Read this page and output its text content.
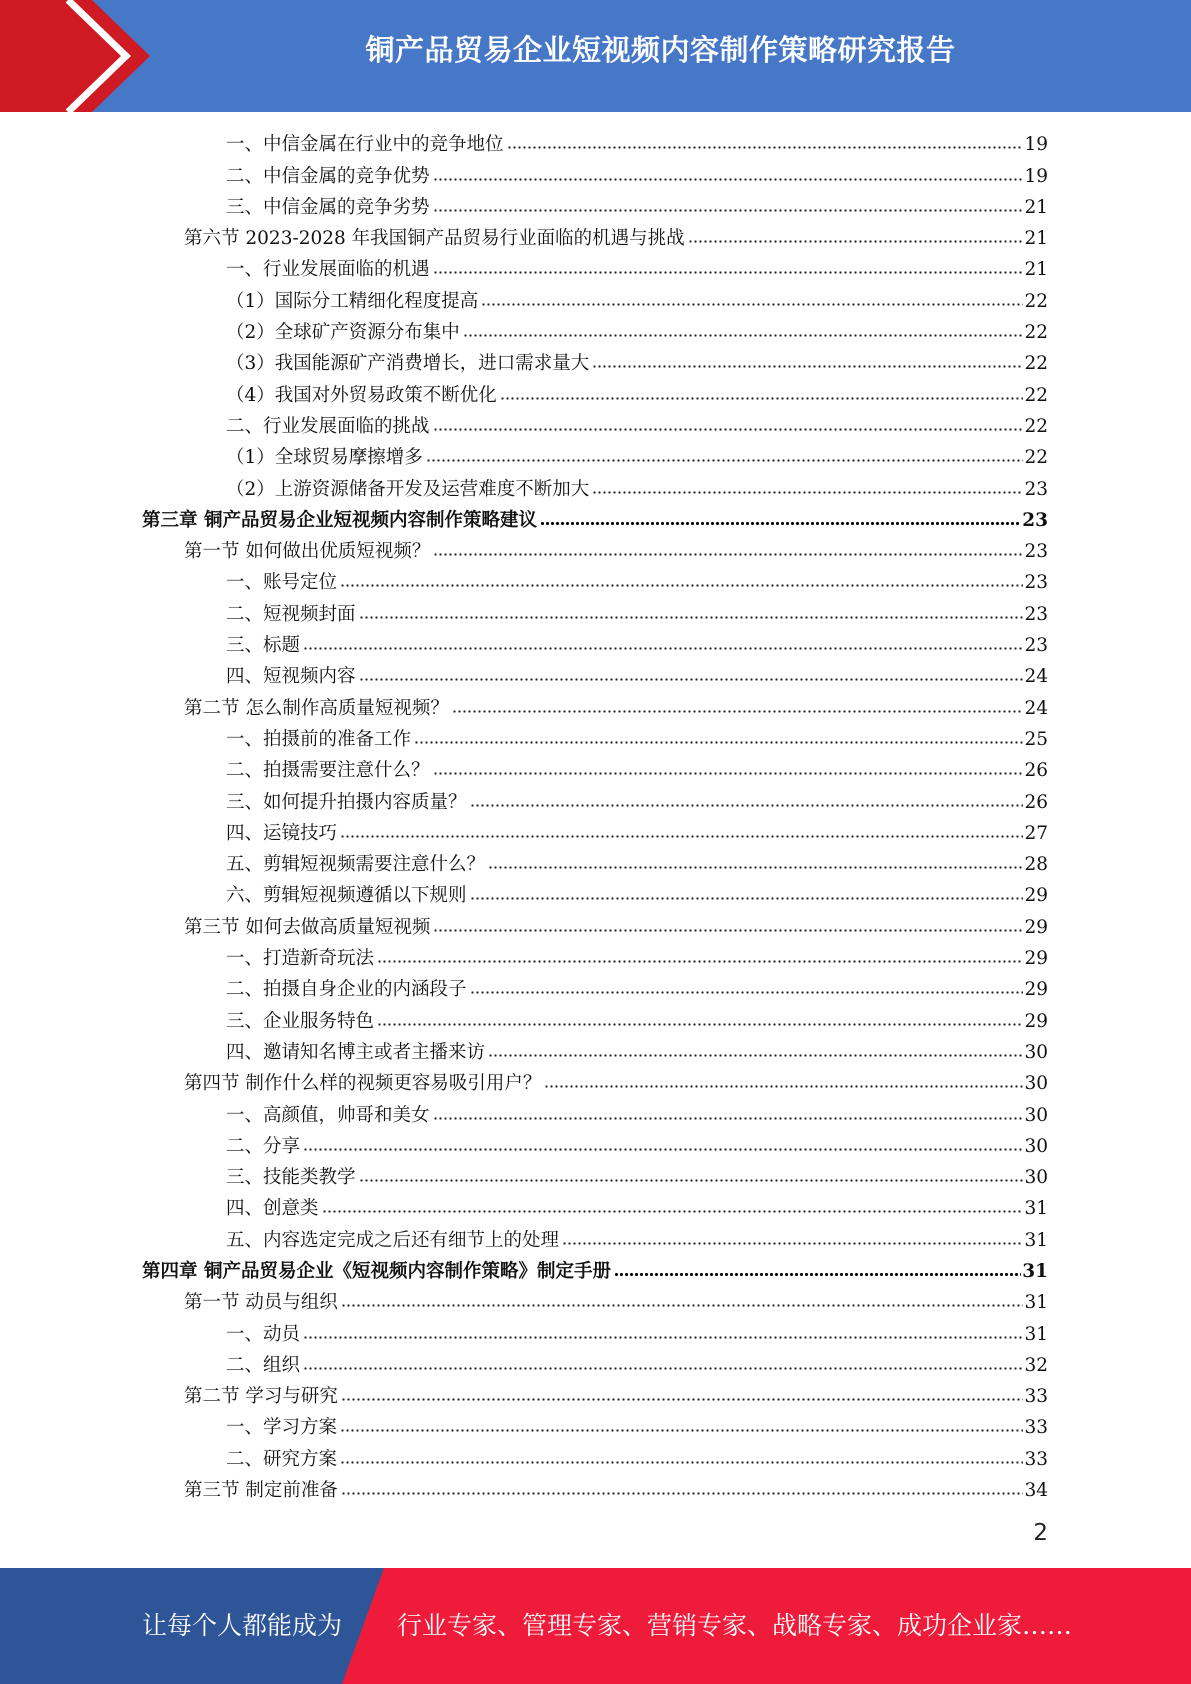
铜产品贸易企业短视频内容制作策略研究报告
一、中信金属在行业中的竞争地位	19
二、中信金属的竞争优势	19
三、中信金属的竞争劣势	21
第六节 2023-2028 年我国铜产品贸易行业面临的机遇与挑战	21
一、行业发展面临的机遇	21
（1）国际分工精细化程度提高	22
（2）全球矿产资源分布集中	22
（3）我国能源矿产消费增长，进口需求量大	22
（4）我国对外贸易政策不断优化	22
二、行业发展面临的挑战	22
（1）全球贸易摩擦增多	22
（2）上游资源储备开发及运营难度不断加大	23
第三章 铜产品贸易企业短视频内容制作策略建议	23
第一节 如何做出优质短视频？	23
一、账号定位	23
二、短视频封面	23
三、标题	23
四、短视频内容	24
第二节 怎么制作高质量短视频？	24
一、拍摄前的准备工作	25
二、拍摄需要注意什么？	26
三、如何提升拍摄内容质量？	26
四、运镜技巧	27
五、剪辑短视频需要注意什么？	28
六、剪辑短视频遵循以下规则	29
第三节 如何去做高质量短视频	29
一、打造新奇玩法	29
二、拍摄自身企业的内涵段子	29
三、企业服务特色	29
四、邀请知名博主或者主播来访	30
第四节 制作什么样的视频更容易吸引用户？	30
一、高颜值，帅哥和美女	30
二、分享	30
三、技能类教学	30
四、创意类	31
五、内容选定完成之后还有细节上的处理	31
第四章 铜产品贸易企业《短视频内容制作策略》制定手册	31
第一节 动员与组织	31
一、动员	31
二、组织	32
第二节 学习与研究	33
一、学习方案	33
二、研究方案	33
第三节 制定前准备	34
2
让每个人都能成为 行业专家、管理专家、营销专家、战略专家、成功企业家……
